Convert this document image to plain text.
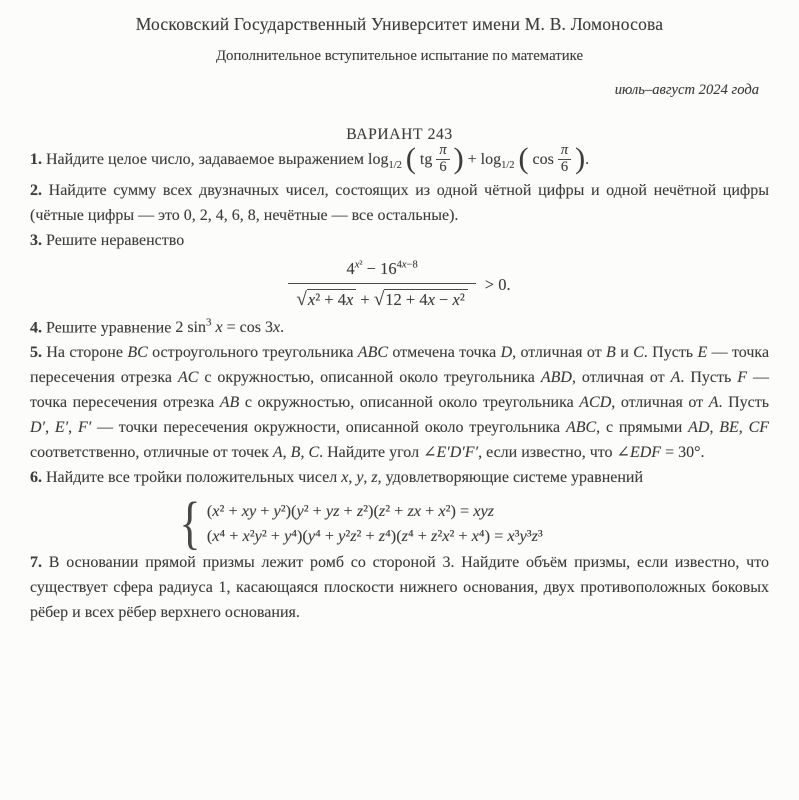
Московский Государственный Университет имени М. В. Ломоносова
Дополнительное вступительное испытание по математике
июль–август 2024 года
ВАРИАНТ 243

1. Найдите целое число, задаваемое выражением $\log_{1/2}$ ( tg $\frac{\pi}{6}$ ) + $\log_{1/2}$ ( $\cos \frac{\pi}{6}$ ).

2. Найдите сумму всех двузначных чисел, состоящих из одной чётной цифры и одной нечётной цифры (чётные цифры — это 0, 2, 4, 6, 8, нечётные — все остальные).

3. Решите неравенство

$\frac{4^{x^2} - 16^{4x-8}}{\text{√x² + 4x + √12 + 4x − x²}} > 0$.

4. Решите уравнение 2 $\sin^3 x = \cos 3x$.

5. На стороне BC остроугольного треугольника ABC отмечена точка D, отличная от B и C. Пусть E — точка пересечения отрезка AC с окружностью, описанной около треугольника ABD, отличная от A. Пусть F — точка пересечения отрезка AB с окружностью, описанной около треугольника ACD, отличная от A. Пусть D′, E′, F′ — точки пересечения окружности, описанной около треугольника ABC, с прямыми AD, BE, CF соответственно, отличные от точек A, B, C. Найдите угол ∠E′D′F′, если известно, что ∠EDF = 30°.

6. Найдите все тройки положительных чисел x, y, z, удовлетворяющие системе уравнений

{ (x² + xy + y²)(y² + yz + z²)(z² + zx + x²) = xyz
(x⁴ + x²y² + y⁴)(y⁴ + y²z² + z⁴)(z⁴ + z²x² + x⁴) = x³y³z³

7. В основании прямой призмы лежит ромб со стороной 3. Найдите объём призмы, если известно, что существует сфера радиуса 1, касающаяся плоскости нижнего основания, двух противоположных боковых рёбер и всех рёбер верхнего основания.
